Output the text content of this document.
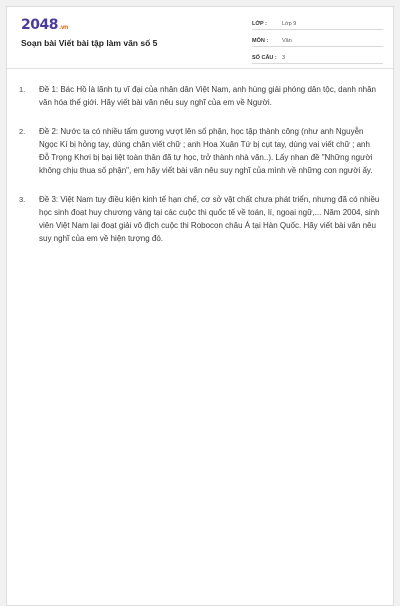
2048.vn
Soạn bài Viết bài tập làm văn số 5
LỚP :	Lớp 9
MÔN :	Văn
SỐ CÂU : 3
1.	Đề 1: Bác Hồ là lãnh tụ vĩ đại của nhân dân Việt Nam, anh hùng giải phóng dân tộc, danh nhân văn hóa thế giới. Hãy viết bài văn nêu suy nghĩ của em về Người.
2.	Đề 2: Nước ta có nhiều tấm gương vượt lên số phận, học tập thành công (như anh Nguyễn Ngọc Kí bị hỏng tay, dùng chân viết chữ ; anh Hoa Xuân Tứ bị cụt tay, dùng vai viết chữ ; anh Đỗ Trọng Khơi bị bại liệt toàn thân đã tự học, trở thành nhà văn..). Lấy nhan đề "Những người không chịu thua số phận", em hãy viết bài văn nêu suy nghĩ của mình về những con người ấy.
3.	Đề 3: Việt Nam tuy điều kiện kinh tế hạn chế, cơ sở vật chất chưa phát triển, nhưng đã có nhiều học sinh đoạt huy chương vàng tại các cuộc thi quốc tế về toán, lí, ngoại ngữ,... Năm 2004, sinh viên Việt Nam lại đoạt giải vô địch cuộc thi Robocon châu Á tại Hàn Quốc. Hãy viết bài văn nêu suy nghĩ của em về hiện tượng đó.
